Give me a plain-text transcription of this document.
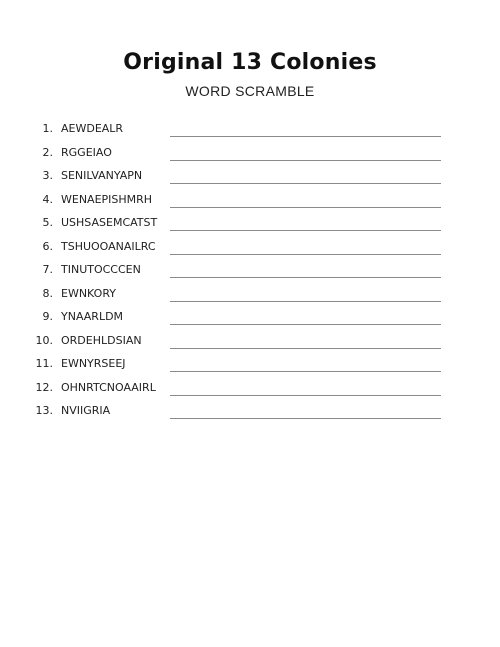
Original 13 Colonies
WORD SCRAMBLE
1. AEWDEALR
2. RGGEIAO
3. SENILVANYAPN
4. WENAEPISHMRH
5. USHSASEMCATST
6. TSHUOOANAILRC
7. TINUTOCCCEN
8. EWNKORY
9. YNAARLDM
10. ORDEHLDSIAN
11. EWNYRSEEJ
12. OHNRTCNOAAIRL
13. NVIIGRIA
